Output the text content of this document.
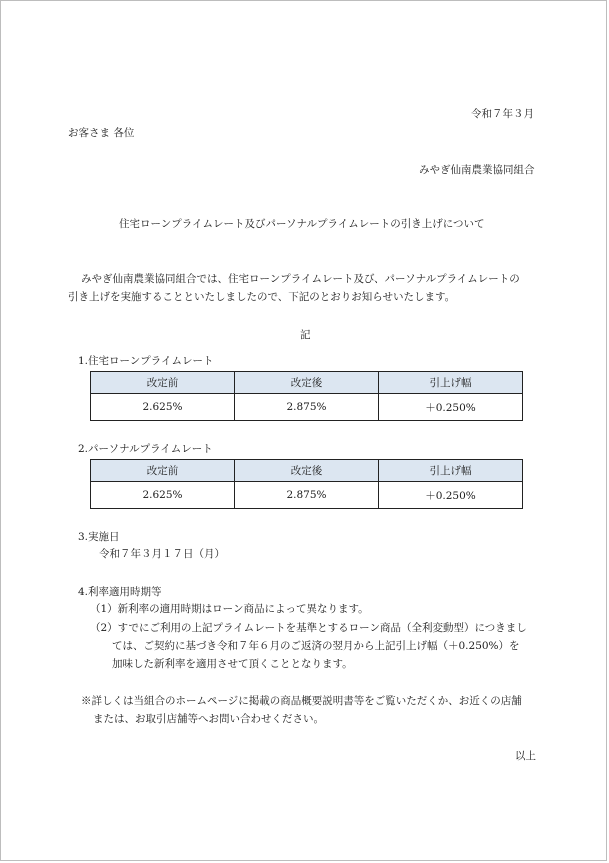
令和７年３月
お客さま 各位
みやぎ仙南農業協同組合
住宅ローンプライムレート及びパーソナルプライムレートの引き上げについて
みやぎ仙南農業協同組合では、住宅ローンプライムレート及び、パーソナルプライムレートの
引き上げを実施することといたしましたので、下記のとおりお知らせいたします。
記
1.住宅ローンプライムレート
改定前	改定後	引上げ幅
2.625%	2.875%	＋0.250%
2.パーソナルプライムレート
改定前	改定後	引上げ幅
2.625%	2.875%	＋0.250%
3.実施日
令和７年３月１７日（月）
4.利率適用時期等
（1）新利率の適用時期はローン商品によって異なります。
（2）すでにご利用の上記プライムレートを基準とするローン商品（全利変動型）につきまし
ては、ご契約に基づき令和７年６月のご返済の翌月から上記引上げ幅（＋0.250%）を
加味した新利率を適用させて頂くこととなります。
※詳しくは当組合のホームページに掲載の商品概要説明書等をご覧いただくか、お近くの店舗
または、お取引店舗等へお問い合わせください。
以上
